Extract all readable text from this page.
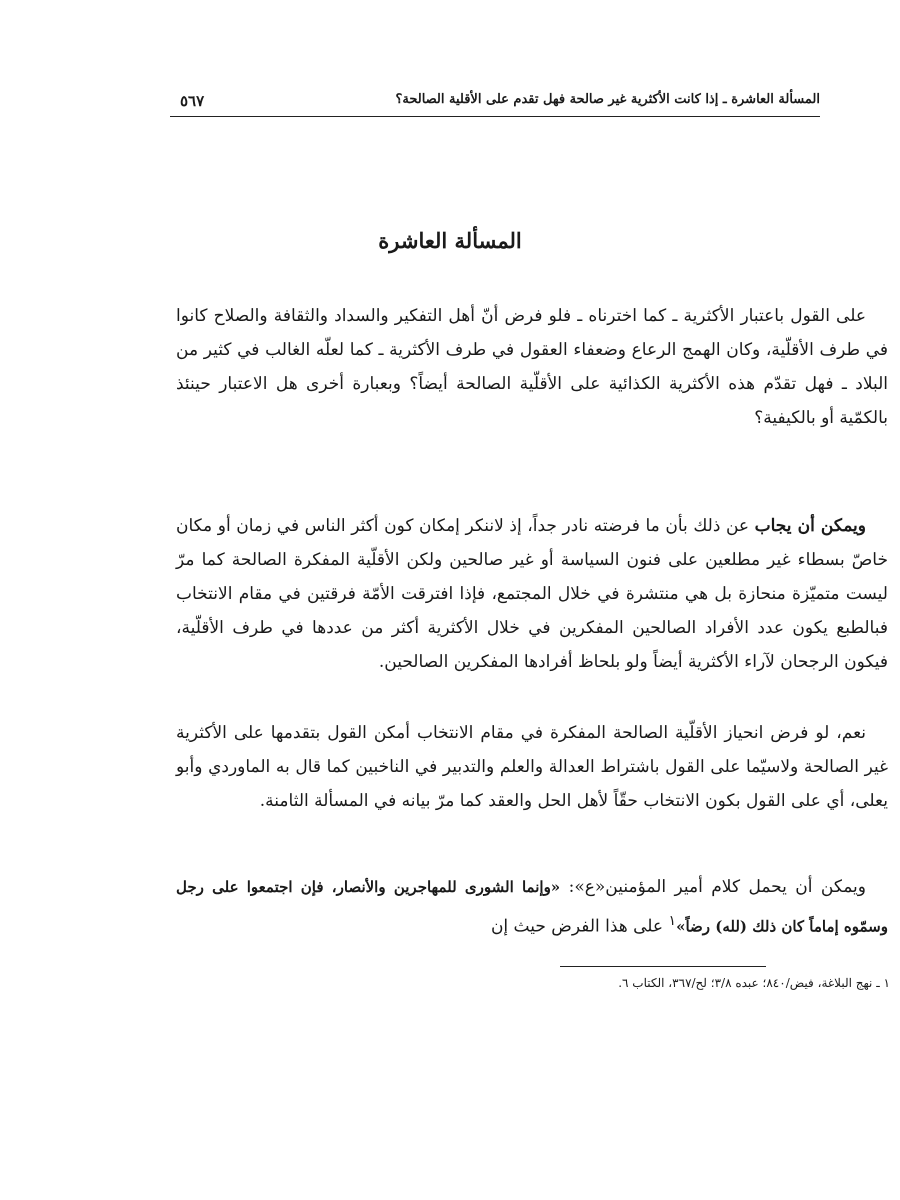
المسألة العاشرة ـ إذا كانت الأكثرية غير صالحة فهل تقدم على الأقلية الصالحة؟
٥٦٧
المسألة العاشرة

على القول باعتبار الأكثرية ـ كما اخترناه ـ فلو فرض أنّ أهل التفكير والسداد والثقافة والصلاح كانوا في طرف الأقلّية، وكان الهمج الرعاع وضعفاء العقول في طرف الأكثرية ـ كما لعلّه الغالب في كثير من البلاد ـ فهل تقدّم هذه الأكثرية الكذائية على الأقلّية الصالحة أيضاً؟ وبعبارة أخرى هل الاعتبار حينئذ بالكمّية أو بالكيفية؟

ويمكن أن يجاب عن ذلك بأن ما فرضته نادر جداً، إذ لاننكر إمكان كون أكثر الناس في زمان أو مكان خاصّ بسطاء غير مطلعين على فنون السياسة أو غير صالحين ولكن الأقلّية المفكرة الصالحة كما مرّ ليست متميّزة منحازة بل هي منتشرة في خلال المجتمع، فإذا افترقت الأمّة فرقتين في مقام الانتخاب فبالطبع يكون عدد الأفراد الصالحين المفكرين في خلال الأكثرية أكثر من عددها في طرف الأقلّية، فيكون الرجحان لآراء الأكثرية أيضاً ولو بلحاظ أفرادها المفكرين الصالحين.

نعم، لو فرض انحياز الأقلّية الصالحة المفكرة في مقام الانتخاب أمكن القول بتقدمها على الأكثرية غير الصالحة ولاسيّما على القول باشتراط العدالة والعلم والتدبير في الناخبين كما قال به الماوردي وأبو يعلى، أي على القول بكون الانتخاب حقّاً لأهل الحل والعقد كما مرّ بيانه في المسألة الثامنة.

ويمكن أن يحمل كلام أمير المؤمنين«ع»: «وإنما الشورى للمهاجرين والأنصار، فإن اجتمعوا على رجل وسمّوه إماماً كان ذلك (لله) رضاً»$^١$ على هذا الفرض حيث إن

١ ـ نهج البلاغة، فيض/٨٤٠؛ عبده ٣/٨؛ لح/٣٦٧، الكتاب ٦.
